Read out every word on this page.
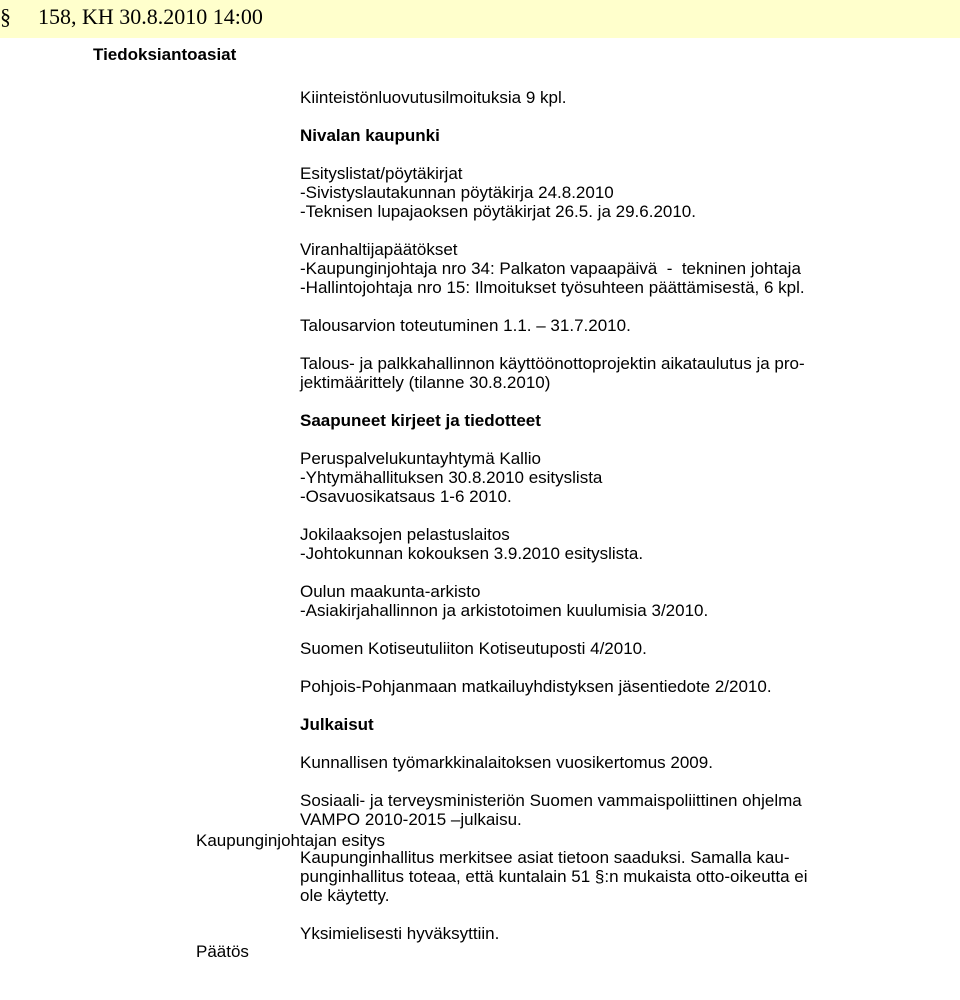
§ 158, KH 30.8.2010 14:00
Tiedoksiantoasiat
Kaupunginjohtajan esitys
Päätös

Kiinteistönluovutusilmoituksia 9 kpl.

Nivalan kaupunki

Esityslistat/pöytäkirjat
-Sivistyslautakunnan pöytäkirja 24.8.2010
-Teknisen lupajaoksen pöytäkirjat 26.5. ja 29.6.2010.

Viranhaltijapäätökset
-Kaupunginjohtaja nro 34: Palkaton vapaapäivä  -  tekninen johtaja
-Hallintojohtaja nro 15: Ilmoitukset työsuhteen päättämisestä, 6 kpl.

Talousarvion toteutuminen 1.1. – 31.7.2010.

Talous- ja palkkahallinnon käyttöönottoprojektin aikataulutus ja pro-
jektimäärittely (tilanne 30.8.2010)

Saapuneet kirjeet ja tiedotteet

Peruspalvelukuntayhtymä Kallio
-Yhtymähallituksen 30.8.2010 esityslista
-Osavuosikatsaus 1-6 2010.

Jokilaaksojen pelastuslaitos
-Johtokunnan kokouksen 3.9.2010 esityslista.

Oulun maakunta-arkisto
-Asiakirjahallinnon ja arkistotoimen kuulumisia 3/2010.

Suomen Kotiseutuliiton Kotiseutuposti 4/2010.

Pohjois-Pohjanmaan matkailuyhdistyksen jäsentiedote 2/2010.

Julkaisut

Kunnallisen työmarkkinalaitoksen vuosikertomus 2009.

Sosiaali- ja terveysministeriön Suomen vammaispoliittinen ohjelma
VAMPO 2010-2015 –julkaisu.

Kaupunginhallitus merkitsee asiat tietoon saaduksi. Samalla kau-
punginhallitus toteaa, että kuntalain 51 §:n mukaista otto-oikeutta ei
ole käytetty.

Yksimielisesti hyväksyttiin.
